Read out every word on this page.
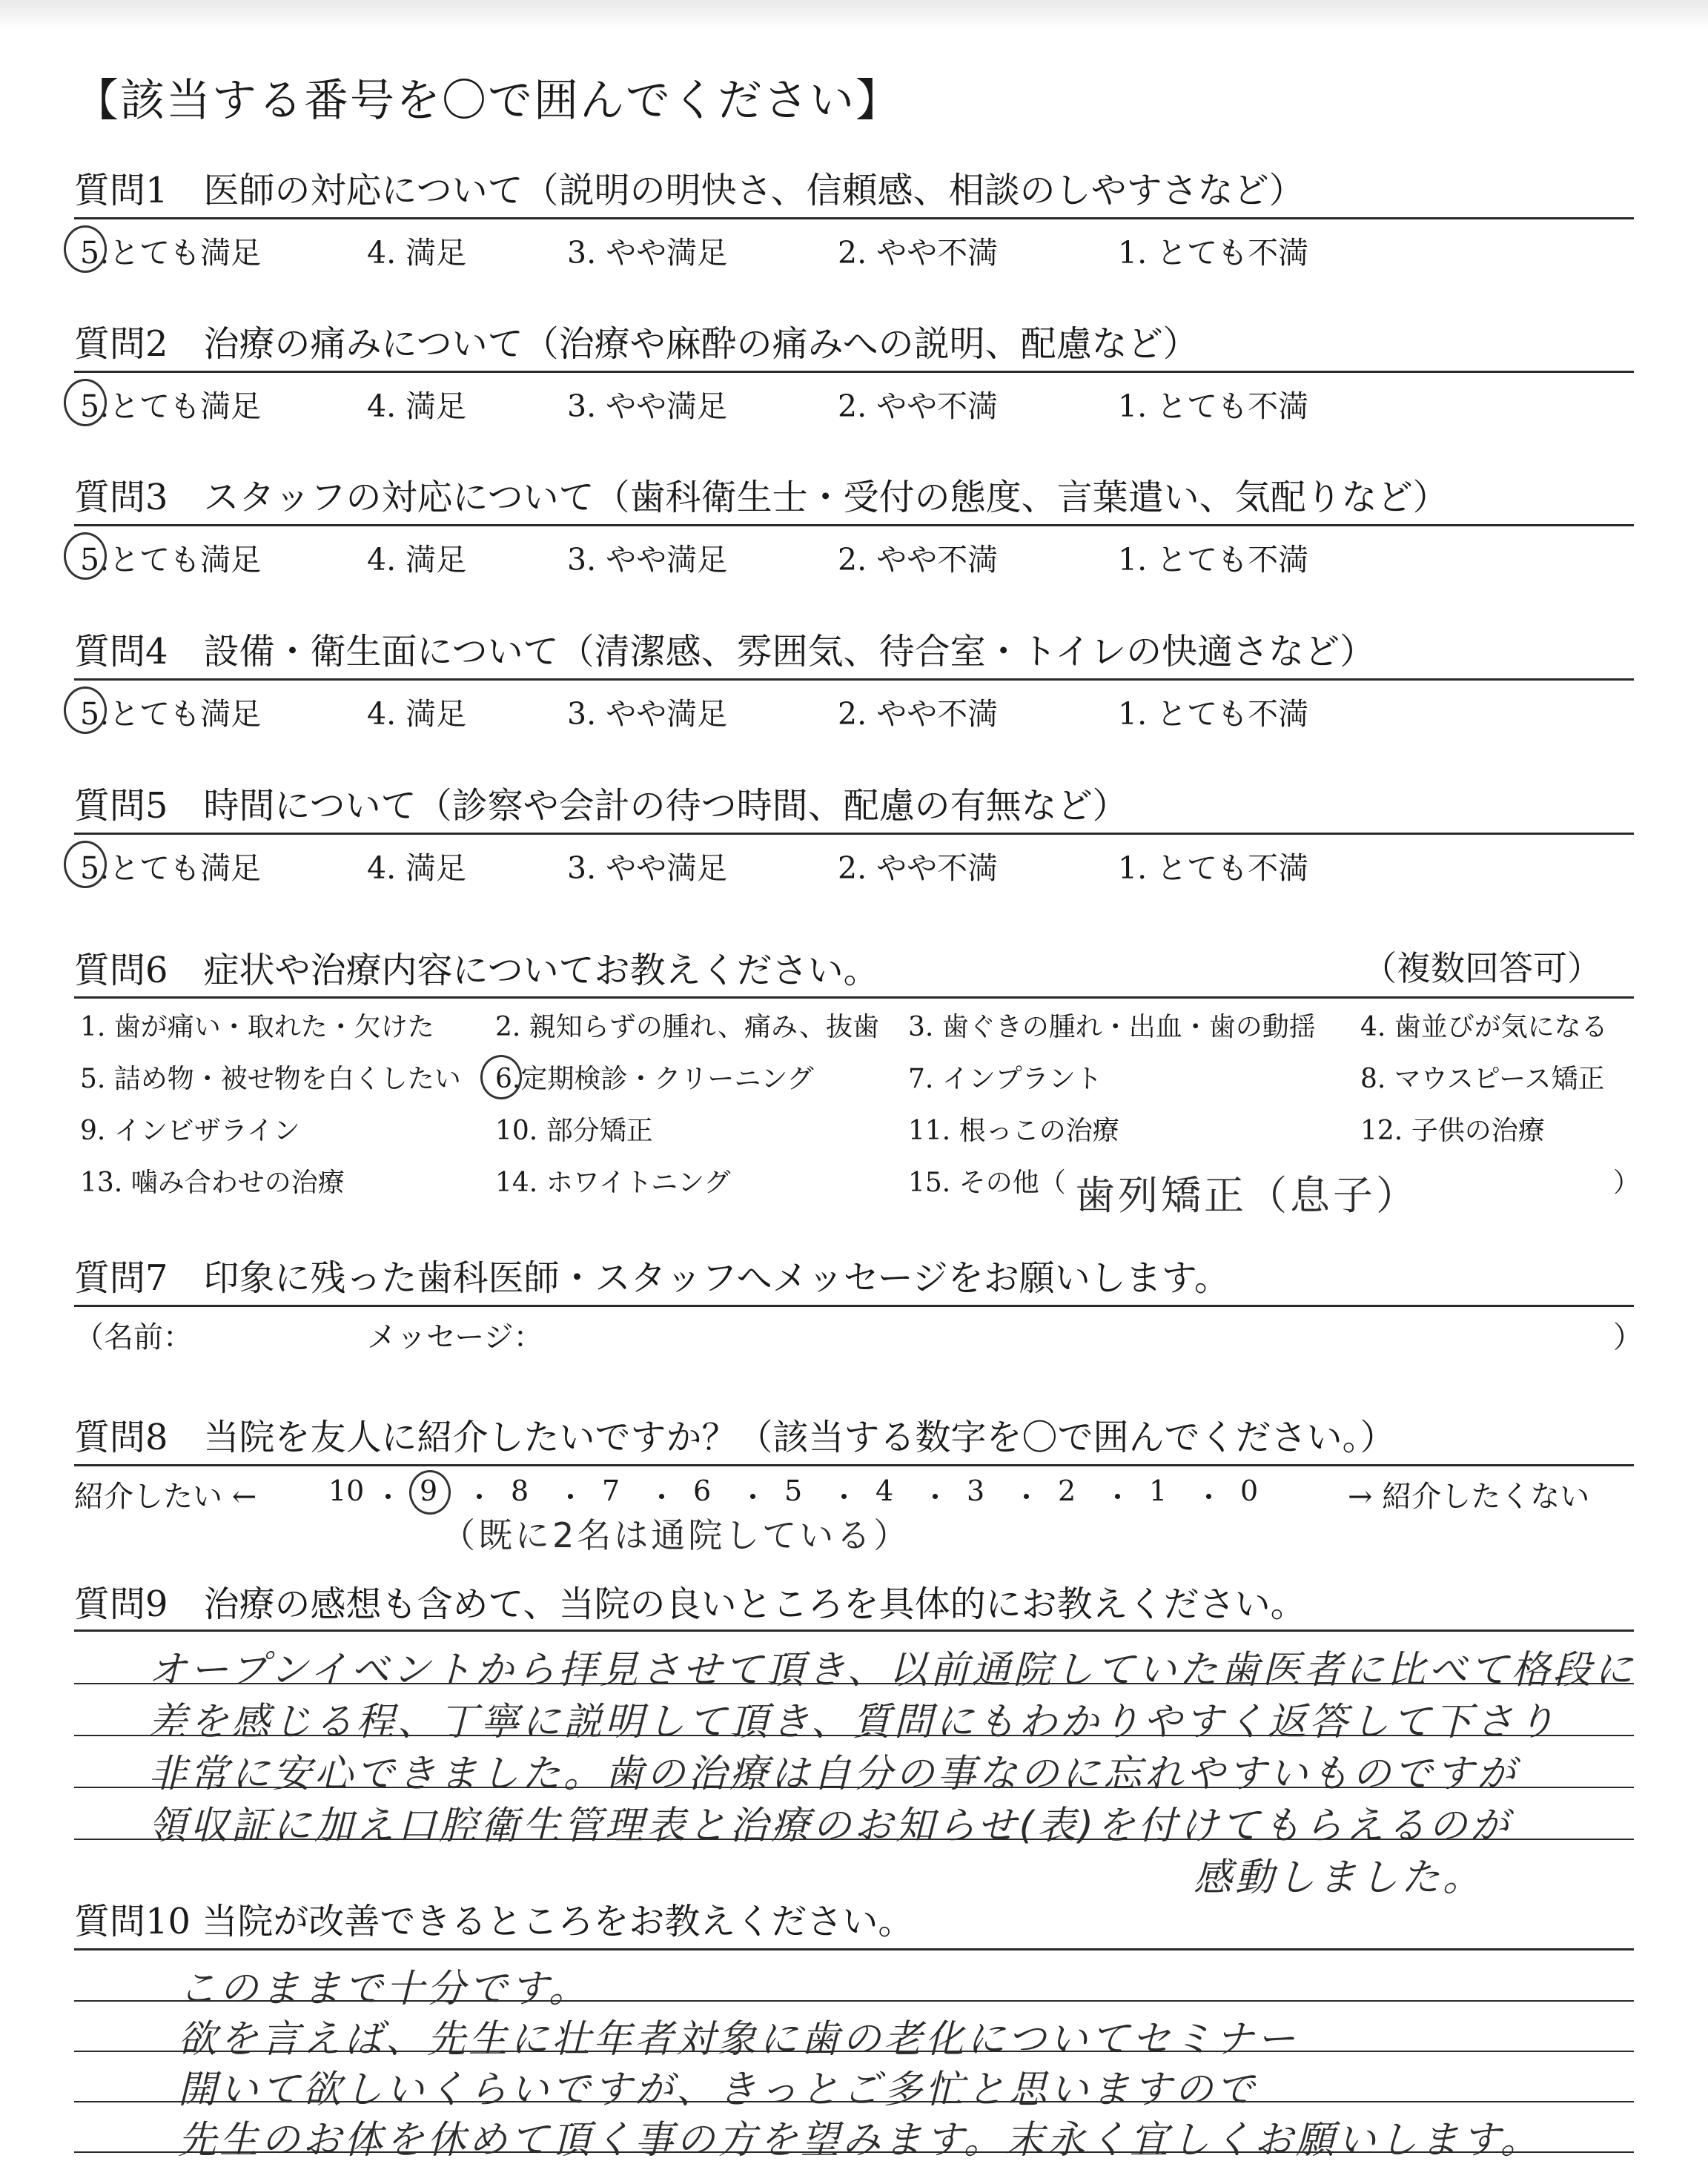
【該当する番号を〇で囲んでください】
質問1　医師の対応について（説明の明快さ、信頼感、相談のしやすさなど）
5.とても満足	4. 満足	3. やや満足	2. やや不満	1. とても不満
質問2　治療の痛みについて（治療や麻酔の痛みへの説明、配慮など）
5.とても満足	4. 満足	3. やや満足	2. やや不満	1. とても不満
質問3　スタッフの対応について（歯科衛生士・受付の態度、言葉遣い、気配りなど）
5.とても満足	4. 満足	3. やや満足	2. やや不満	1. とても不満
質問4　設備・衛生面について（清潔感、雰囲気、待合室・トイレの快適さなど）
5.とても満足	4. 満足	3. やや満足	2. やや不満	1. とても不満
質問5　時間について（診察や会計の待つ時間、配慮の有無など）
5.とても満足	4. 満足	3. やや満足	2. やや不満	1. とても不満
質問6　症状や治療内容についてお教えください。	（複数回答可）
1. 歯が痛い・取れた・欠けた 2. 親知らずの腫れ、痛み、抜歯 3. 歯ぐきの腫れ・出血・歯の動揺 4. 歯並びが気になる
5. 詰め物・被せ物を白くしたい 6.定期検診・クリーニング	7. インプラント	8. マウスピース矯正
9. インビザライン	10. 部分矯正	11. 根っこの治療	12. 子供の治療
13. 噛み合わせの治療	14. ホワイトニング	15. その他（	）
歯列矯正（息子）
質問7　印象に残った歯科医師・スタッフへメッセージをお願いします。
（名前：	メッセージ：	）
質問8　当院を友人に紹介したいですか？（該当する数字を〇で囲んでください。）
紹介したい ←	→ 紹介したくない
10 ・ 9 ・ 8 ・ 7 ・ 6 ・ 5 ・ 4 ・ 3 ・ 2 ・ 1 ・ 0
（既に2名は通院している）
質問9　治療の感想も含めて、当院の良いところを具体的にお教えください。
オープンイベントから拝見させて頂き、以前通院していた歯医者に比べて格段に
差を感じる程、丁寧に説明して頂き、質問にもわかりやすく返答して下さり
非常に安心できました。歯の治療は自分の事なのに忘れやすいものですが
領収証に加え口腔衛生管理表と治療のお知らせ(表)を付けてもらえるのが
感動しました。
質問10 当院が改善できるところをお教えください。
このままで十分です。
欲を言えば、先生に壮年者対象に歯の老化についてセミナー
開いて欲しいくらいですが、きっとご多忙と思いますので
先生のお体を休めて頂く事の方を望みます。末永く宜しくお願いします。
